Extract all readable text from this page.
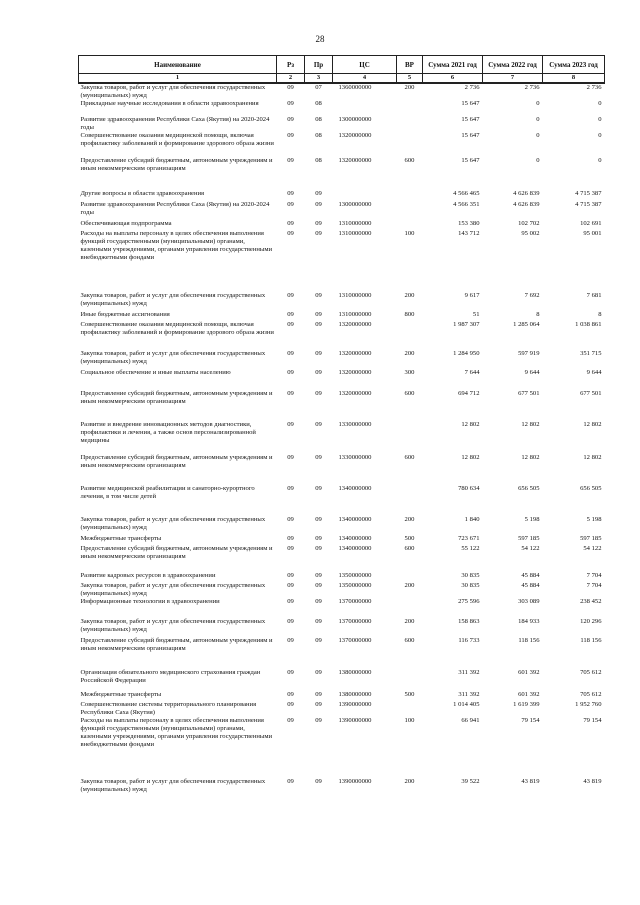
28
Наименование	Рз	Пр	ЦС	ВР	Сумма 2021 год	Сумма 2022 год	Сумма 2023 год
1	2	3	4	5	6	7	8
Закупка товаров, работ и услуг для обеспечения государственных (муниципальных) нужд	09	07	1360000000	200	2 736	2 736	2 736
Прикладные научные исследования в области здравоохранения	09	08			15 647	0	0
Развитие здравоохранения Республики Саха (Якутия) на 2020-2024 годы	09	08	1300000000		15 647	0	0
Совершенствование оказания медицинской помощи, включая профилактику заболеваний и формирование здорового образа жизни	09	08	1320000000		15 647	0	0
Предоставление субсидий бюджетным, автономным учреждениям и иным некоммерческим организациям	09	08	1320000000	600	15 647	0	0
Другие вопросы в области здравоохранения	09	09			4 566 465	4 626 839	4 715 387
Развитие здравоохранения Республики Саха (Якутия) на 2020-2024 годы	09	09	1300000000		4 566 351	4 626 839	4 715 387
Обеспечивающая подпрограмма	09	09	1310000000		153 380	102 702	102 691
Расходы на выплаты персоналу в целях обеспечения выполнения функций государственными (муниципальными) органами, казенными учреждениями, органами управления государственными внебюджетными фондами	09	09	1310000000	100	143 712	95 002	95 001
Закупка товаров, работ и услуг для обеспечения государственных (муниципальных) нужд	09	09	1310000000	200	9 617	7 692	7 681
Иные бюджетные ассигнования	09	09	1310000000	800	51	8	8
Совершенствование оказания медицинской помощи, включая профилактику заболеваний и формирование здорового образа жизни	09	09	1320000000		1 987 307	1 285 064	1 038 861
Закупка товаров, работ и услуг для обеспечения государственных (муниципальных) нужд	09	09	1320000000	200	1 284 950	597 919	351 715
Социальное обеспечение и иные выплаты населению	09	09	1320000000	300	7 644	9 644	9 644
Предоставление субсидий бюджетным, автономным учреждениям и иным некоммерческим организациям	09	09	1320000000	600	694 712	677 501	677 501
Развитие и внедрение инновационных методов диагностики, профилактики и лечения, а также основ персонализированной медицины	09	09	1330000000		12 802	12 802	12 802
Предоставление субсидий бюджетным, автономным учреждениям и иным некоммерческим организациям	09	09	1330000000	600	12 802	12 802	12 802
Развитие медицинской реабилитации и санаторно-курортного лечения, в том числе детей	09	09	1340000000		780 634	656 505	656 505
Закупка товаров, работ и услуг для обеспечения государственных (муниципальных) нужд	09	09	1340000000	200	1 840	5 198	5 198
Межбюджетные трансферты	09	09	1340000000	500	723 671	597 185	597 185
Предоставление субсидий бюджетным, автономным учреждениям и иным некоммерческим организациям	09	09	1340000000	600	55 122	54 122	54 122
Развитие кадровых ресурсов в здравоохранении	09	09	1350000000		30 835	45 884	7 704
Закупка товаров, работ и услуг для обеспечения государственных (муниципальных) нужд	09	09	1350000000	200	30 835	45 884	7 704
Информационные технологии в здравоохранении	09	09	1370000000		275 596	303 089	238 452
Закупка товаров, работ и услуг для обеспечения государственных (муниципальных) нужд	09	09	1370000000	200	158 863	184 933	120 296
Предоставление субсидий бюджетным, автономным учреждениям и иным некоммерческим организациям	09	09	1370000000	600	116 733	118 156	118 156
Организация обязательного медицинского страхования граждан Российской Федерации	09	09	1380000000		311 392	601 392	705 612
Межбюджетные трансферты	09	09	1380000000	500	311 392	601 392	705 612
Совершенствование системы территориального планирования Республики Саха (Якутия)	09	09	1390000000		1 014 405	1 619 399	1 952 760
Расходы на выплаты персоналу в целях обеспечения выполнения функций государственными (муниципальными) органами, казенными учреждениями, органами управления государственными внебюджетными фондами	09	09	1390000000	100	66 941	79 154	79 154
Закупка товаров, работ и услуг для обеспечения государственных (муниципальных) нужд	09	09	1390000000	200	39 522	43 819	43 819
